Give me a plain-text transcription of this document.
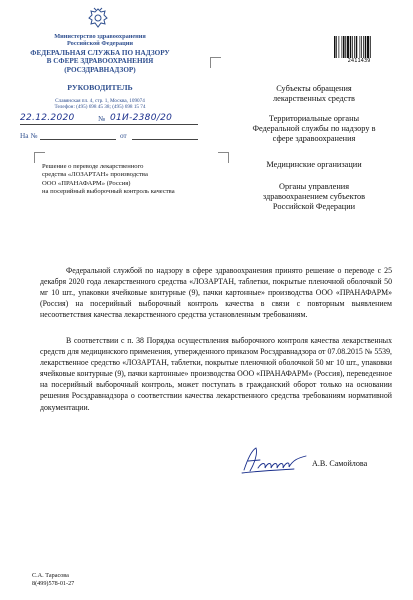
Министерство здравоохранения
Российской Федерации
ФЕДЕРАЛЬНАЯ СЛУЖБА ПО НАДЗОРУ
В СФЕРЕ ЗДРАВООХРАНЕНИЯ
(РОСЗДРАВНАДЗОР)
РУКОВОДИТЕЛЬ
Славянская пл. 4, стр. 1, Москва, 109074
Телефон: (495) 698 45 38; (495) 698 15 74
22.12.2020	№ 01И-2380/20
На №	от
2411439
Субъекты обращения
лекарственных средств
Территориальные органы
Федеральной службы по надзору в
сфере здравоохранения
Медицинские организации
Органы управления
здравоохранением субъектов
Российской Федерации
Решение о переводе лекарственного
средства «ЛОЗАРТАН» производства
ООО «ПРАНАФАРМ» (Россия)
на посерийный выборочный контроль качества
Федеральной службой по надзору в сфере здравоохранения принято решение о переводе с 25 декабря 2020 года лекарственного средства «ЛОЗАРТАН, таблетки, покрытые пленочной оболочкой 50 мг 10 шт., упаковки ячейковые контурные (9), пачки картонные» производства ООО «ПРАНАФАРМ» (Россия) на посерийный выборочный контроль качества в связи с повторным выявлением несоответствия качества лекарственного средства установленным требованиям.
В соответствии с п. 38 Порядка осуществления выборочного контроля качества лекарственных средств для медицинского применения, утвержденного приказом Росздравнадзора от 07.08.2015 № 5539, лекарственное средство «ЛОЗАРТАН, таблетки, покрытые пленочной оболочкой 50 мг 10 шт., упаковки ячейковые контурные (9), пачки картонные» производства ООО «ПРАНАФАРМ» (Россия), переведенное на посерийный выборочный контроль, может поступать в гражданский оборот только на основании решения Росздравнадзора о соответствии качества лекарственного средства требованиям нормативной документации.
А.В. Самойлова
С.А. Тарасова
8(499)578-01-27
